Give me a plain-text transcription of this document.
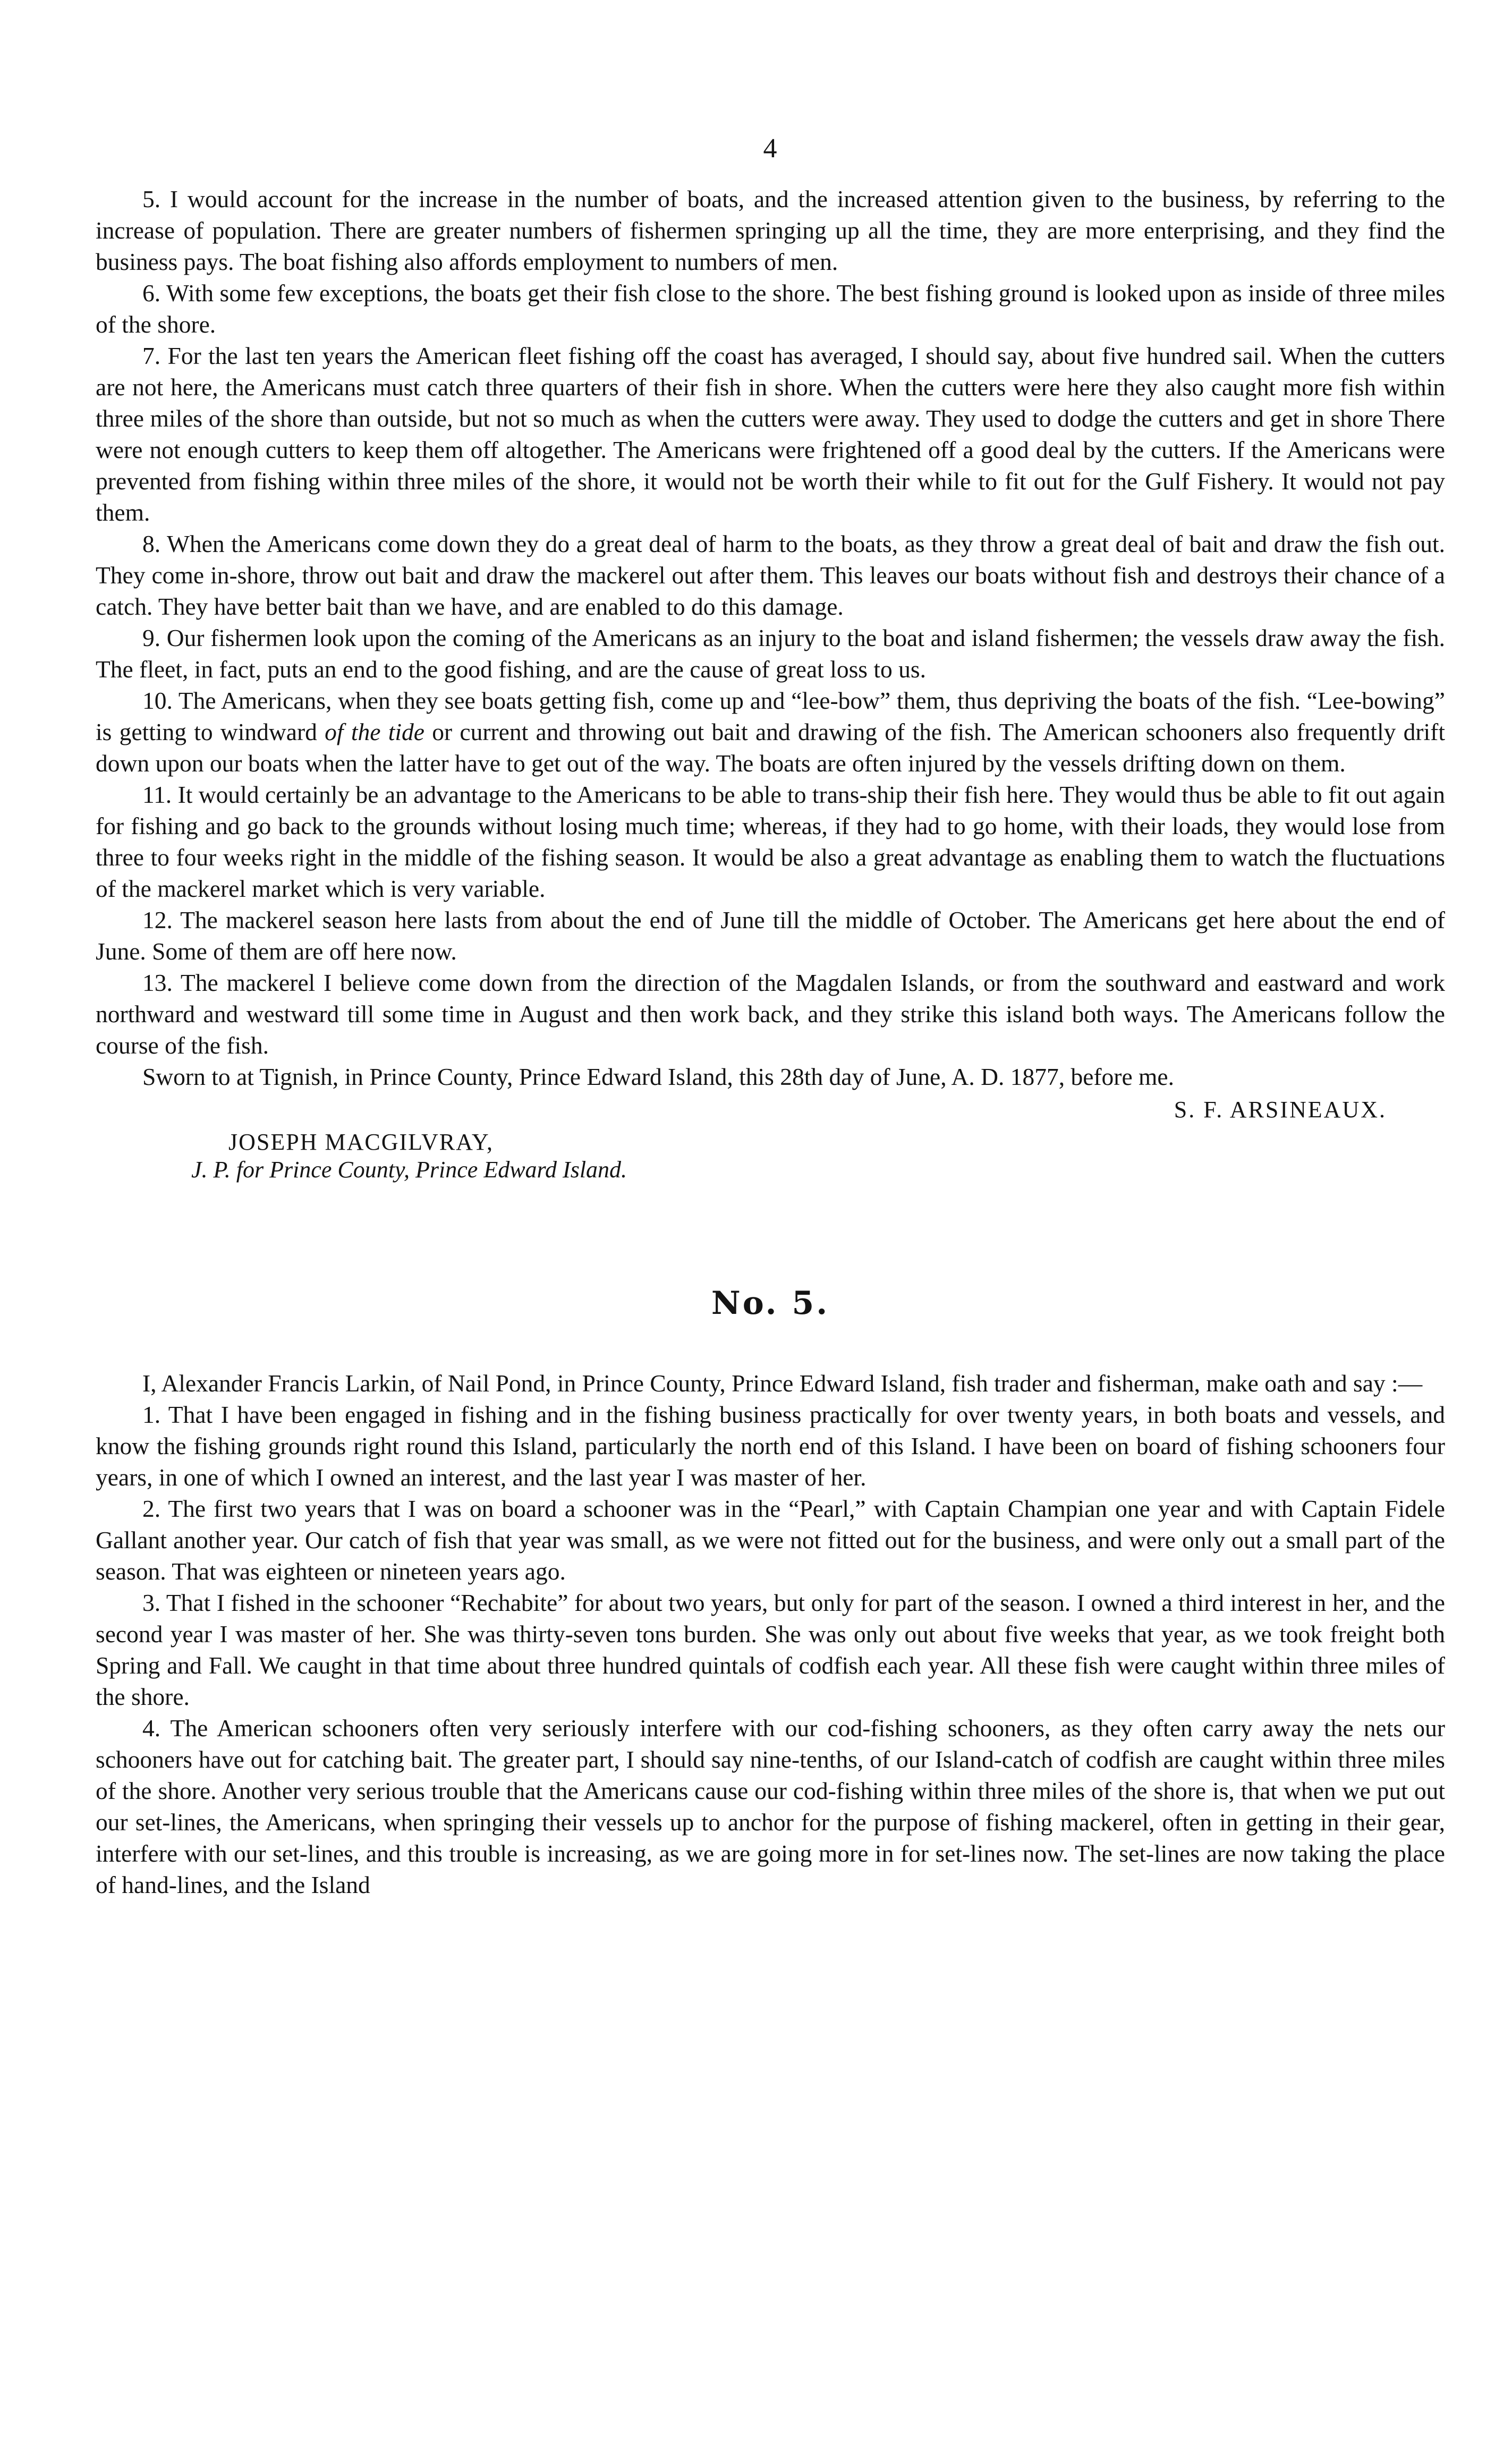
4

5. I would account for the increase in the number of boats, and the increased attention given to the business, by referring to the increase of population. There are greater numbers of fishermen springing up all the time, they are more enterprising, and they find the business pays. The boat fishing also affords employment to numbers of men.

6. With some few exceptions, the boats get their fish close to the shore. The best fishing ground is looked upon as inside of three miles of the shore.

7. For the last ten years the American fleet fishing off the coast has averaged, I should say, about five hundred sail. When the cutters are not here, the Americans must catch three quarters of their fish in shore. When the cutters were here they also caught more fish within three miles of the shore than outside, but not so much as when the cutters were away. They used to dodge the cutters and get in shore There were not enough cutters to keep them off altogether. The Americans were frightened off a good deal by the cutters. If the Americans were prevented from fishing within three miles of the shore, it would not be worth their while to fit out for the Gulf Fishery. It would not pay them.

8. When the Americans come down they do a great deal of harm to the boats, as they throw a great deal of bait and draw the fish out. They come in-shore, throw out bait and draw the mackerel out after them. This leaves our boats without fish and destroys their chance of a catch. They have better bait than we have, and are enabled to do this damage.

9. Our fishermen look upon the coming of the Americans as an injury to the boat and island fishermen; the vessels draw away the fish. The fleet, in fact, puts an end to the good fishing, and are the cause of great loss to us.

10. The Americans, when they see boats getting fish, come up and “lee-bow” them, thus depriving the boats of the fish. “Lee-bowing” is getting to windward of the tide or current and throwing out bait and drawing of the fish. The American schooners also frequently drift down upon our boats when the latter have to get out of the way. The boats are often injured by the vessels drifting down on them.

11. It would certainly be an advantage to the Americans to be able to trans-ship their fish here. They would thus be able to fit out again for fishing and go back to the grounds without losing much time; whereas, if they had to go home, with their loads, they would lose from three to four weeks right in the middle of the fishing season. It would be also a great advantage as enabling them to watch the fluctuations of the mackerel market which is very variable.

12. The mackerel season here lasts from about the end of June till the middle of October. The Americans get here about the end of June. Some of them are off here now.

13. The mackerel I believe come down from the direction of the Magdalen Islands, or from the southward and eastward and work northward and westward till some time in August and then work back, and they strike this island both ways. The Americans follow the course of the fish.

Sworn to at Tignish, in Prince County, Prince Edward Island, this 28th day of June, A. D. 1877, before me.

S. F. ARSINEAUX.
JOSEPH MACGILVRAY,
J. P. for Prince County, Prince Edward Island.
No. 5.

I, Alexander Francis Larkin, of Nail Pond, in Prince County, Prince Edward Island, fish trader and fisherman, make oath and say :—

1. That I have been engaged in fishing and in the fishing business practically for over twenty years, in both boats and vessels, and know the fishing grounds right round this Island, particularly the north end of this Island. I have been on board of fishing schooners four years, in one of which I owned an interest, and the last year I was master of her.

2. The first two years that I was on board a schooner was in the “Pearl,” with Captain Champian one year and with Captain Fidele Gallant another year. Our catch of fish that year was small, as we were not fitted out for the business, and were only out a small part of the season. That was eighteen or nineteen years ago.

3. That I fished in the schooner “Rechabite” for about two years, but only for part of the season. I owned a third interest in her, and the second year I was master of her. She was thirty-seven tons burden. She was only out about five weeks that year, as we took freight both Spring and Fall. We caught in that time about three hundred quintals of codfish each year. All these fish were caught within three miles of the shore.

4. The American schooners often very seriously interfere with our cod-fishing schooners, as they often carry away the nets our schooners have out for catching bait. The greater part, I should say nine-tenths, of our Island-catch of codfish are caught within three miles of the shore. Another very serious trouble that the Americans cause our cod-fishing within three miles of the shore is, that when we put out our set-lines, the Americans, when springing their vessels up to anchor for the purpose of fishing mackerel, often in getting in their gear, interfere with our set-lines, and this trouble is increasing, as we are going more in for set-lines now. The set-lines are now taking the place of hand-lines, and the Island
